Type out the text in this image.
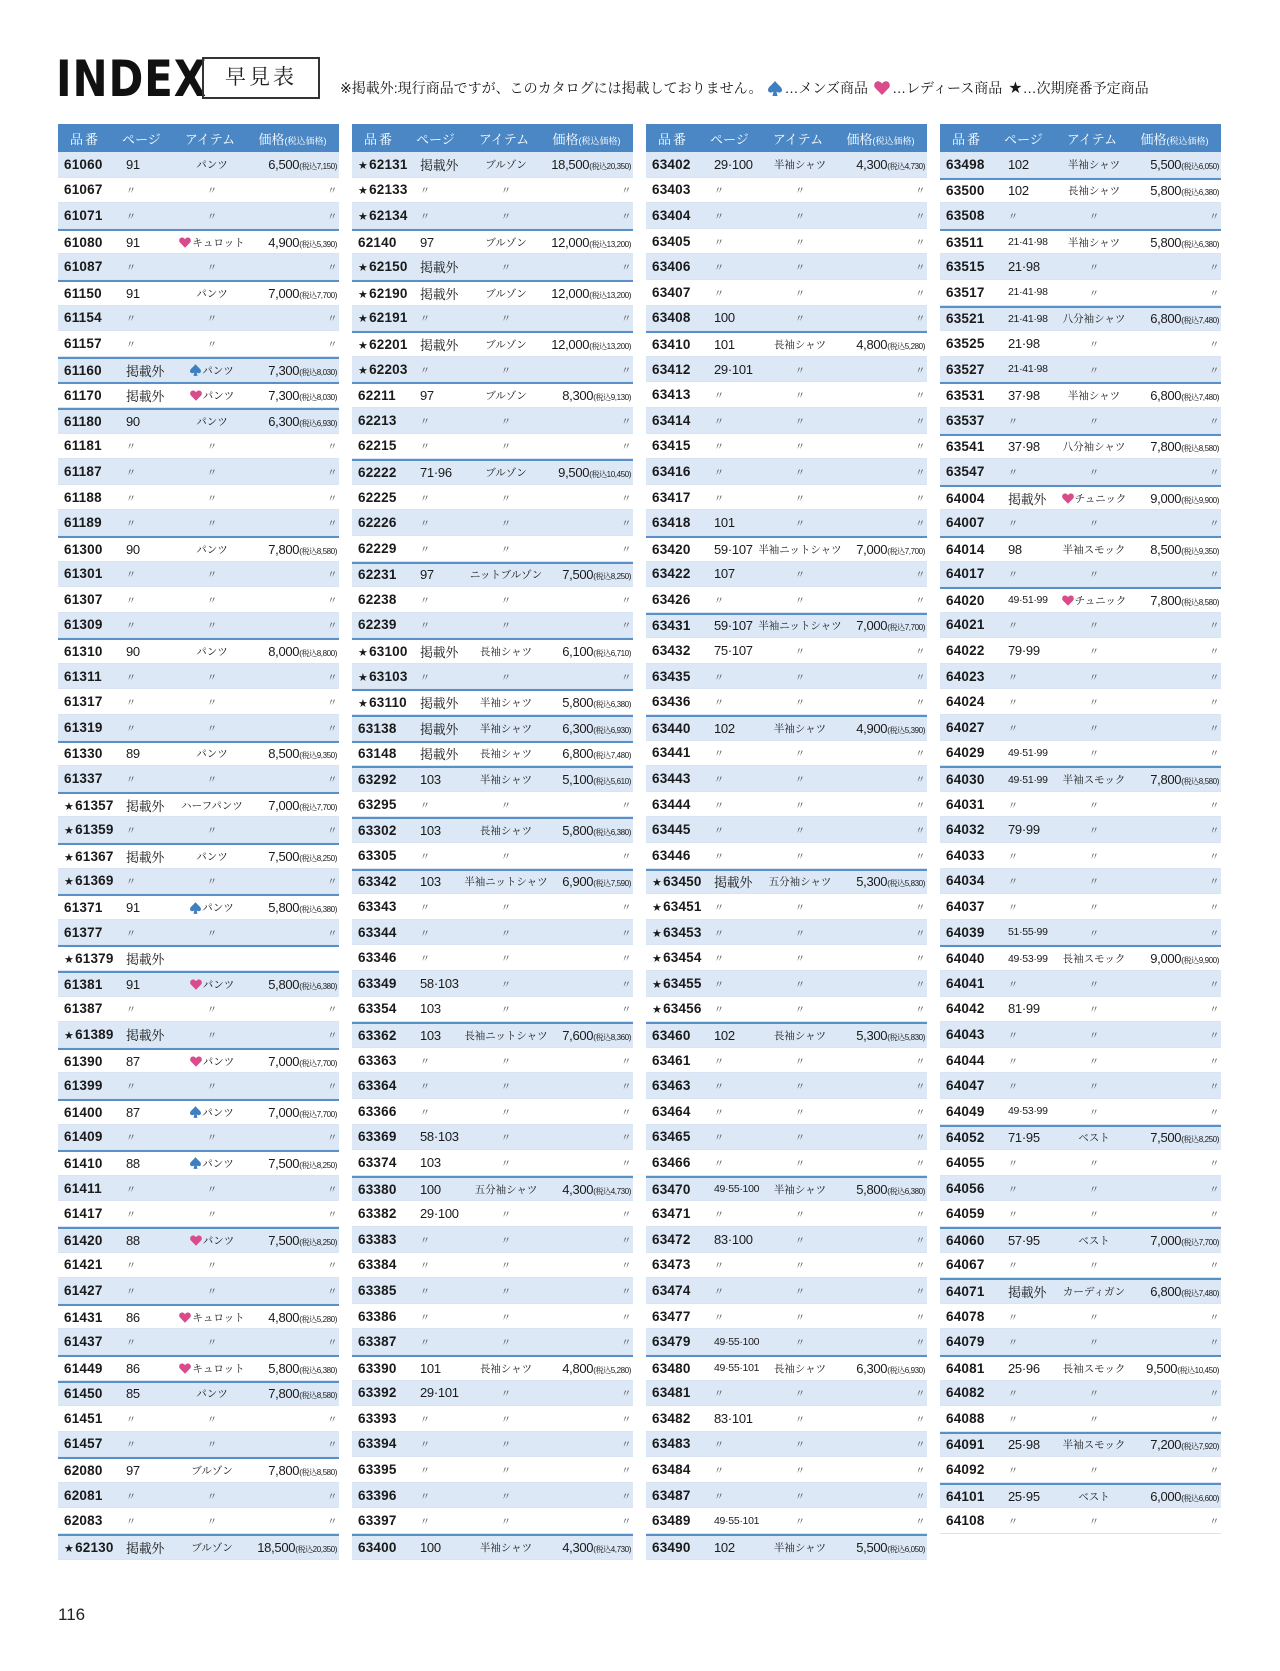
INDEX 早見表	※掲載外:現行商品ですが、このカタログには掲載しておりません。 …メンズ商品 …レディース商品 ★ …次期廃番予定商品
品番	ページ	アイテム	価格(税込価格)
61060	91	パンツ	6,500(税込7,150)
61067	〃	〃	〃
61071	〃	〃	〃
61080	91	キュロット	4,900(税込5,390)
61087	〃	〃	〃
61150	91	パンツ	7,000(税込7,700)
61154	〃	〃	〃
61157	〃	〃	〃
61160	掲載外	パンツ	7,300(税込8,030)
61170	掲載外	パンツ	7,300(税込8,030)
61180	90	パンツ	6,300(税込6,930)
61181	〃	〃	〃
61187	〃	〃	〃
61188	〃	〃	〃
61189	〃	〃	〃
61300	90	パンツ	7,800(税込8,580)
61301	〃	〃	〃
61307	〃	〃	〃
61309	〃	〃	〃
61310	90	パンツ	8,000(税込8,800)
61311	〃	〃	〃
61317	〃	〃	〃
61319	〃	〃	〃
61330	89	パンツ	8,500(税込9,350)
61337	〃	〃	〃
★61357 掲載外	ハーフパンツ	7,000(税込7,700)
★61359	〃	〃	〃
★61367 掲載外	パンツ	7,500(税込8,250)
★61369	〃	〃	〃
61371	91	パンツ	5,800(税込6,380)
61377	〃	〃	〃
★61379 掲載外
61381	91	パンツ	5,800(税込6,380)
61387	〃	〃	〃
★61389 掲載外	〃	〃
61390	87	パンツ	7,000(税込7,700)
61399	〃	〃	〃
61400	87	パンツ	7,000(税込7,700)
61409	〃	〃	〃
61410	88	パンツ	7,500(税込8,250)
61411	〃	〃	〃
61417	〃	〃	〃
61420	88	パンツ	7,500(税込8,250)
61421	〃	〃	〃
61427	〃	〃	〃
61431	86	キュロット	4,800(税込5,280)
61437	〃	〃	〃
61449	86	キュロット	5,800(税込6,380)
61450	85	パンツ	7,800(税込8,580)
61451	〃	〃	〃
61457	〃	〃	〃
62080	97	ブルゾン	7,800(税込8,580)
62081	〃	〃	〃
62083	〃	〃	〃
★62130 掲載外	ブルゾン	18,500(税込20,350)
品番	ページ	アイテム	価格(税込価格)
★62131 掲載外	ブルゾン	18,500(税込20,350)
★62133	〃	〃	〃
★62134	〃	〃	〃
62140	97	ブルゾン	12,000(税込13,200)
★62150 掲載外	〃	〃
★62190 掲載外	ブルゾン	12,000(税込13,200)
★62191	〃	〃	〃
★62201 掲載外	ブルゾン	12,000(税込13,200)
★62203	〃	〃	〃
62211	97	ブルゾン	8,300(税込9,130)
62213	〃	〃	〃
62215	〃	〃	〃
62222	71·96	ブルゾン	9,500(税込10,450)
62225	〃	〃	〃
62226	〃	〃	〃
62229	〃	〃	〃
62231	97	ニットブルゾン	7,500(税込8,250)
62238	〃	〃	〃
62239	〃	〃	〃
★63100 掲載外	長袖シャツ	6,100(税込6,710)
★63103	〃	〃	〃
★63110	掲載外	半袖シャツ	5,800(税込6,380)
63138	掲載外	半袖シャツ	6,300(税込6,930)
63148	掲載外	長袖シャツ	6,800(税込7,480)
63292	103	半袖シャツ	5,100(税込5,610)
63295	〃	〃	〃
63302	103	長袖シャツ	5,800(税込6,380)
63305	〃	〃	〃
63342	103	半袖ニットシャツ	6,900(税込7,590)
63343	〃	〃	〃
63344	〃	〃	〃
63346	〃	〃	〃
63349	58·103	〃	〃
63354	103	〃	〃
63362	103	長袖ニットシャツ	7,600(税込8,360)
63363	〃	〃	〃
63364	〃	〃	〃
63366	〃	〃	〃
63369	58·103	〃	〃
63374	103	〃	〃
63380	100	五分袖シャツ	4,300(税込4,730)
63382	29·100	〃	〃
63383	〃	〃	〃
63384	〃	〃	〃
63385	〃	〃	〃
63386	〃	〃	〃
63387	〃	〃	〃
63390	101	長袖シャツ	4,800(税込5,280)
63392	29·101	〃	〃
63393	〃	〃	〃
63394	〃	〃	〃
63395	〃	〃	〃
63396	〃	〃	〃
63397	〃	〃	〃
63400	100	半袖シャツ	4,300(税込4,730)
品番	ページ	アイテム	価格(税込価格)
63402	29·100	半袖シャツ	4,300(税込4,730)
63403	〃	〃	〃
63404	〃	〃	〃
63405	〃	〃	〃
63406	〃	〃	〃
63407	〃	〃	〃
63408	100	〃	〃
63410	101	長袖シャツ	4,800(税込5,280)
63412	29·101	〃	〃
63413	〃	〃	〃
63414	〃	〃	〃
63415	〃	〃	〃
63416	〃	〃	〃
63417	〃	〃	〃
63418	101	〃	〃
63420	59·107 半袖ニットシャツ	7,000(税込7,700)
63422	107	〃	〃
63426	〃	〃	〃
63431	59·107 半袖ニットシャツ	7,000(税込7,700)
63432	75·107	〃	〃
63435	〃	〃	〃
63436	〃	〃	〃
63440	102	半袖シャツ	4,900(税込5,390)
63441	〃	〃	〃
63443	〃	〃	〃
63444	〃	〃	〃
63445	〃	〃	〃
63446	〃	〃	〃
★63450 掲載外	五分袖シャツ	5,300(税込5,830)
★63451	〃	〃	〃
★63453	〃	〃	〃
★63454	〃	〃	〃
★63455	〃	〃	〃
★63456	〃	〃	〃
63460	102	長袖シャツ	5,300(税込5,830)
63461	〃	〃	〃
63463	〃	〃	〃
63464	〃	〃	〃
63465	〃	〃	〃
63466	〃	〃	〃
63470	49·55·100 半袖シャツ	5,800(税込6,380)
63471	〃	〃	〃
63472	83·100	〃	〃
63473	〃	〃	〃
63474	〃	〃	〃
63477	〃	〃	〃
63479	49·55·100	〃	〃
63480	49·55·101 長袖シャツ	6,300(税込6,930)
63481	〃	〃	〃
63482	83·101	〃	〃
63483	〃	〃	〃
63484	〃	〃	〃
63487	〃	〃	〃
63489	49·55·101	〃	〃
63490	102	半袖シャツ	5,500(税込6,050)
品番	ページ	アイテム	価格(税込価格)
63498	102	半袖シャツ	5,500(税込6,050)
63500	102	長袖シャツ	5,800(税込6,380)
63508	〃	〃	〃
63511	21·41·98	半袖シャツ	5,800(税込6,380)
63515	21·98	〃	〃
63517	21·41·98	〃	〃
63521	21·41·98	八分袖シャツ	6,800(税込7,480)
63525	21·98	〃	〃
63527	21·41·98	〃	〃
63531	37·98	半袖シャツ	6,800(税込7,480)
63537	〃	〃	〃
63541	37·98	八分袖シャツ	7,800(税込8,580)
63547	〃	〃	〃
64004	掲載外	チュニック	9,000(税込9,900)
64007	〃	〃	〃
64014	98	半袖スモック	8,500(税込9,350)
64017	〃	〃	〃
64020	49·51·99	チュニック	7,800(税込8,580)
64021	〃	〃	〃
64022	79·99	〃	〃
64023	〃	〃	〃
64024	〃	〃	〃
64027	〃	〃	〃
64029	49·51·99	〃	〃
64030	49·51·99	半袖スモック	7,800(税込8,580)
64031	〃	〃	〃
64032	79·99	〃	〃
64033	〃	〃	〃
64034	〃	〃	〃
64037	〃	〃	〃
64039	51·55·99	〃	〃
64040	49·53·99	長袖スモック	9,000(税込9,900)
64041	〃	〃	〃
64042	81·99	〃	〃
64043	〃	〃	〃
64044	〃	〃	〃
64047	〃	〃	〃
64049	49·53·99	〃	〃
64052	71·95	ベスト	7,500(税込8,250)
64055	〃	〃	〃
64056	〃	〃	〃
64059	〃	〃	〃
64060	57·95	ベスト	7,000(税込7,700)
64067	〃	〃	〃
64071	掲載外	カーディガン	6,800(税込7,480)
64078	〃	〃	〃
64079	〃	〃	〃
64081	25·96	長袖スモック	9,500(税込10,450)
64082	〃	〃	〃
64088	〃	〃	〃
64091	25·98	半袖スモック	7,200(税込7,920)
64092	〃	〃	〃
64101	25·95	ベスト	6,000(税込6,600)
64108	〃	〃	〃
116
